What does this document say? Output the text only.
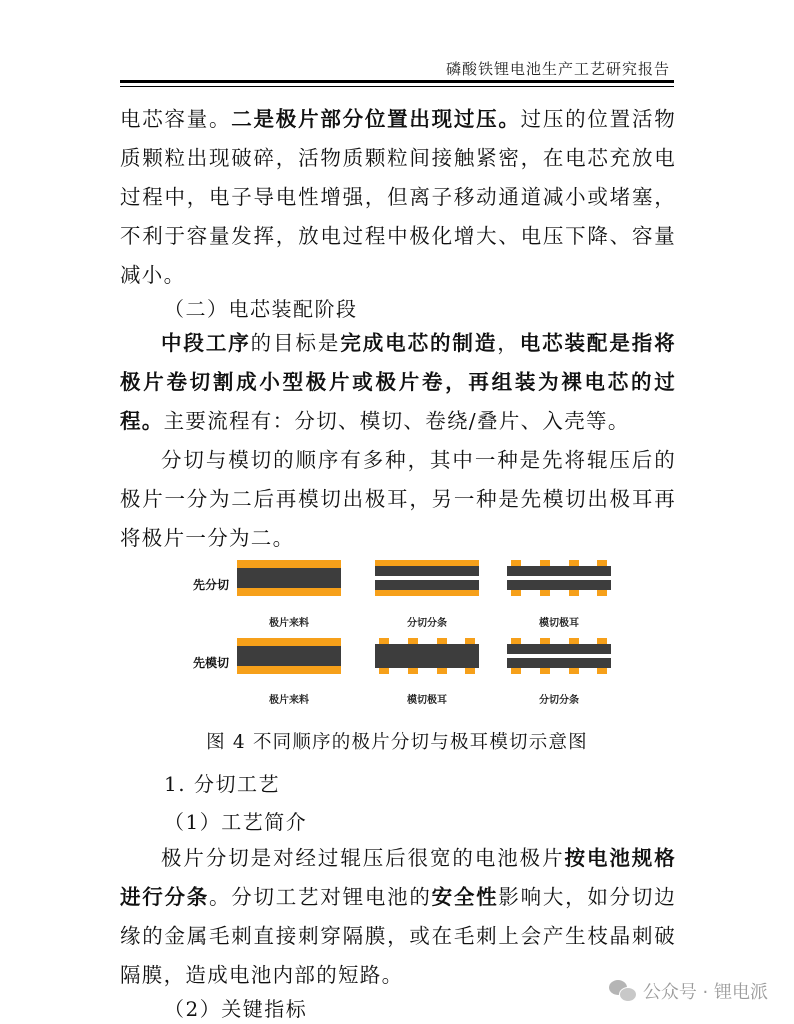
磷酸铁锂电池生产工艺研究报告

电芯容量。二是极片部分位置出现过压。过压的位置活物质颗粒出现破碎，活物质颗粒间接触紧密，在电芯充放电过程中，电子导电性增强，但离子移动通道减小或堵塞，不利于容量发挥，放电过程中极化增大、电压下降、容量减小。

（二）电芯装配阶段

中段工序的目标是完成电芯的制造，电芯装配是指将极片卷切割成小型极片或极片卷，再组装为裸电芯的过程。主要流程有：分切、模切、卷绕/叠片、入壳等。

分切与模切的顺序有多种，其中一种是先将辊压后的极片一分为二后再模切出极耳，另一种是先模切出极耳再将极片一分为二。

先分切
先模切
极片来料	分切分条	模切极耳
极片来料	模切极耳	分切分条
图 4 不同顺序的极片分切与极耳模切示意图
1. 分切工艺
（1）工艺简介

极片分切是对经过辊压后很宽的电池极片按电池规格进行分条。分切工艺对锂电池的安全性影响大，如分切边缘的金属毛刺直接刺穿隔膜，或在毛刺上会产生枝晶刺破隔膜，造成电池内部的短路。

（2）关键指标
公众号 · 锂电派
